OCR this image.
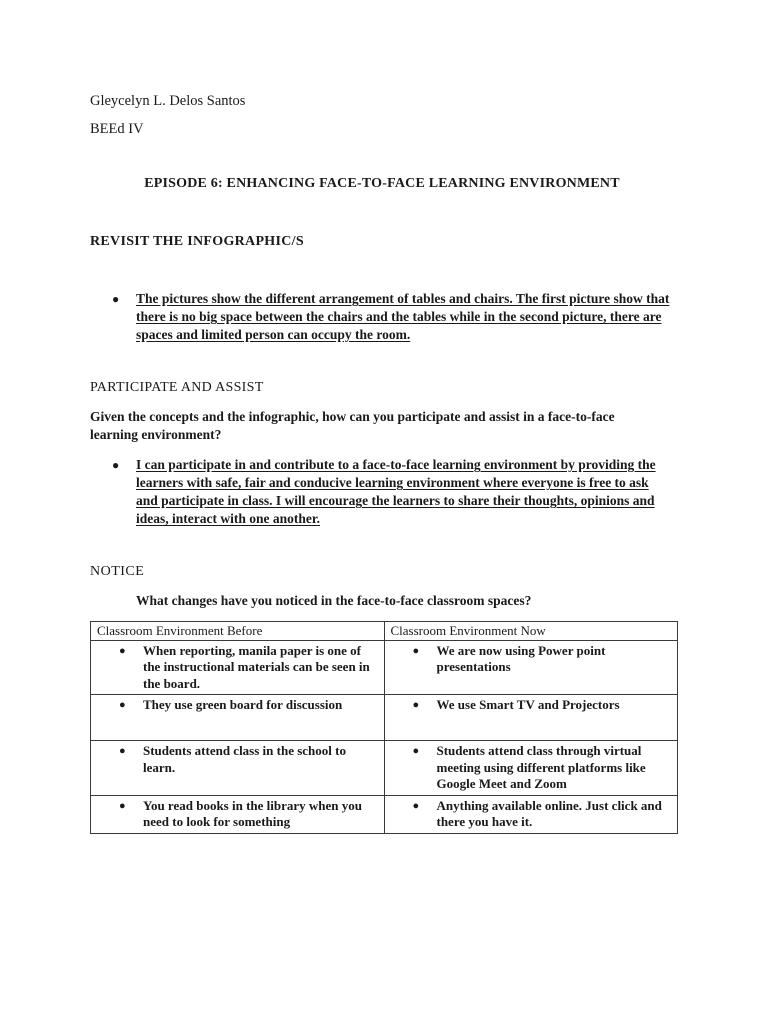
Gleycelyn L. Delos Santos
BEEd IV
EPISODE 6: ENHANCING FACE-TO-FACE LEARNING ENVIRONMENT
REVISIT THE INFOGRAPHIC/S
● The pictures show the different arrangement of tables and chairs. The first picture show that there is no big space between the chairs and the tables while in the second picture, there are spaces and limited person can occupy the room.
PARTICIPATE AND ASSIST
Given the concepts and the infographic, how can you participate and assist in a face-to-face learning environment?
● I can participate in and contribute to a face-to-face learning environment by providing the learners with safe, fair and conducive learning environment where everyone is free to ask and participate in class. I will encourage the learners to share their thoughts, opinions and ideas, interact with one another.
NOTICE
What changes have you noticed in the face-to-face classroom spaces?
Classroom Environment Before	Classroom Environment Now

● When reporting, manila paper is one of the instructional materials can be seen in the board.	● We are now using Power point presentations

● They use green board for discussion	● We use Smart TV and Projectors

● Students attend class in the school to learn.	● Students attend class through virtual meeting using different platforms like Google Meet and Zoom

● You read books in the library when you need to look for something	● Anything available online. Just click and there you have it.
